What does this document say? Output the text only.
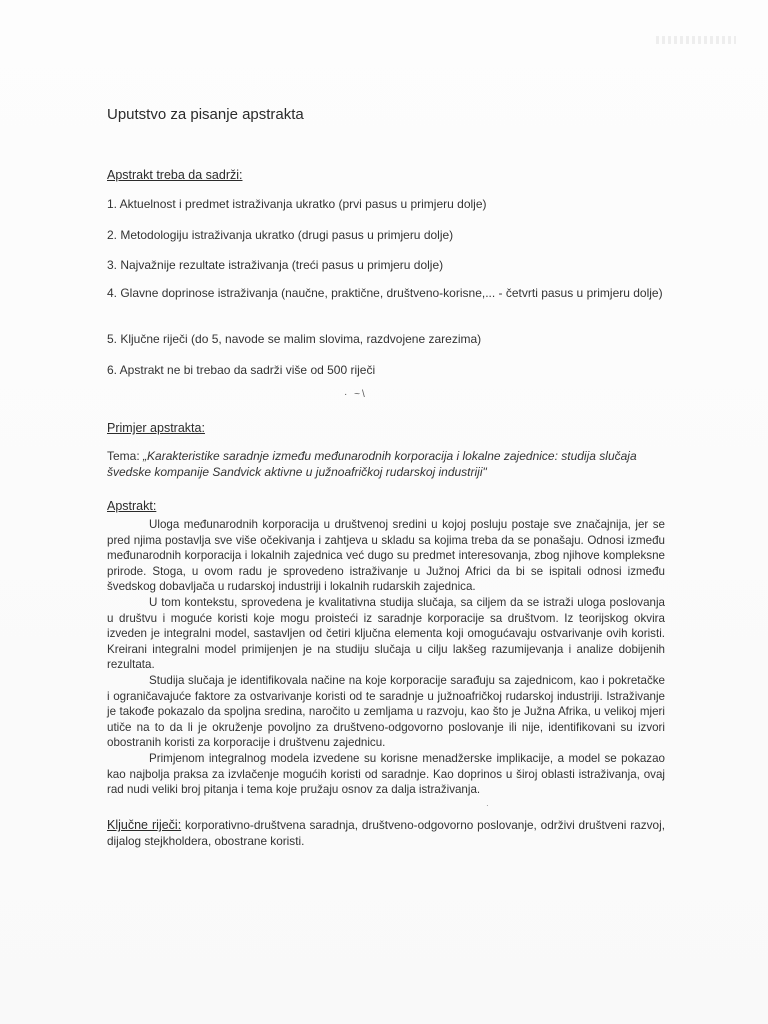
Uputstvo za pisanje apstrakta
Apstrakt treba da sadrži:
1. Aktuelnost i predmet istraživanja ukratko (prvi pasus u primjeru dolje)
2. Metodologiju istraživanja ukratko (drugi pasus u primjeru dolje)
3. Najvažnije rezultate istraživanja (treći pasus u primjeru dolje)
4. Glavne doprinose istraživanja (naučne, praktične, društveno-korisne,... - četvrti pasus u primjeru dolje)
5. Ključne riječi (do 5, navode se malim slovima, razdvojene zarezima)
6. Apstrakt ne bi trebao da sadrži više od 500 riječi
· ~\
Primjer apstrakta:
Tema: „Karakteristike saradnje između međunarodnih korporacija i lokalne zajednice: studija slučaja švedske kompanije Sandvick aktivne u južnoafričkoj rudarskoj industriji"
Apstrakt:

Uloga međunarodnih korporacija u društvenoj sredini u kojoj posluju postaje sve značajnija, jer se pred njima postavlja sve više očekivanja i zahtjeva u skladu sa kojima treba da se ponašaju. Odnosi između međunarodnih korporacija i lokalnih zajednica već dugo su predmet interesovanja, zbog njihove kompleksne prirode. Stoga, u ovom radu je sprovedeno istraživanje u Južnoj Africi da bi se ispitali odnosi između švedskog dobavljača u rudarskoj industriji i lokalnih rudarskih zajednica.

U tom kontekstu, sprovedena je kvalitativna studija slučaja, sa ciljem da se istraži uloga poslovanja u društvu i moguće koristi koje mogu proisteći iz saradnje korporacije sa društvom. Iz teorijskog okvira izveden je integralni model, sastavljen od četiri ključna elementa koji omogućavaju ostvarivanje ovih koristi. Kreirani integralni model primijenjen je na studiju slučaja u cilju lakšeg razumijevanja i analize dobijenih rezultata.

Studija slučaja je identifikovala načine na koje korporacije sarađuju sa zajednicom, kao i pokretačke i ograničavajuće faktore za ostvarivanje koristi od te saradnje u južnoafričkoj rudarskoj industriji. Istraživanje je takođe pokazalo da spoljna sredina, naročito u zemljama u razvoju, kao što je Južna Afrika, u velikoj mjeri utiče na to da li je okruženje povoljno za društveno-odgovorno poslovanje ili nije, identifikovani su izvori obostranih koristi za korporacije i društvenu zajednicu.

Primjenom integralnog modela izvedene su korisne menadžerske implikacije, a model se pokazao kao najbolja praksa za izvlačenje mogućih koristi od saradnje. Kao doprinos u široj oblasti istraživanja, ovaj rad nudi veliki broj pitanja i tema koje pružaju osnov za dalja istraživanja.

·
Ključne riječi: korporativno-društvena saradnja, društveno-odgovorno poslovanje, održivi društveni razvoj, dijalog stejkholdera, obostrane koristi.
